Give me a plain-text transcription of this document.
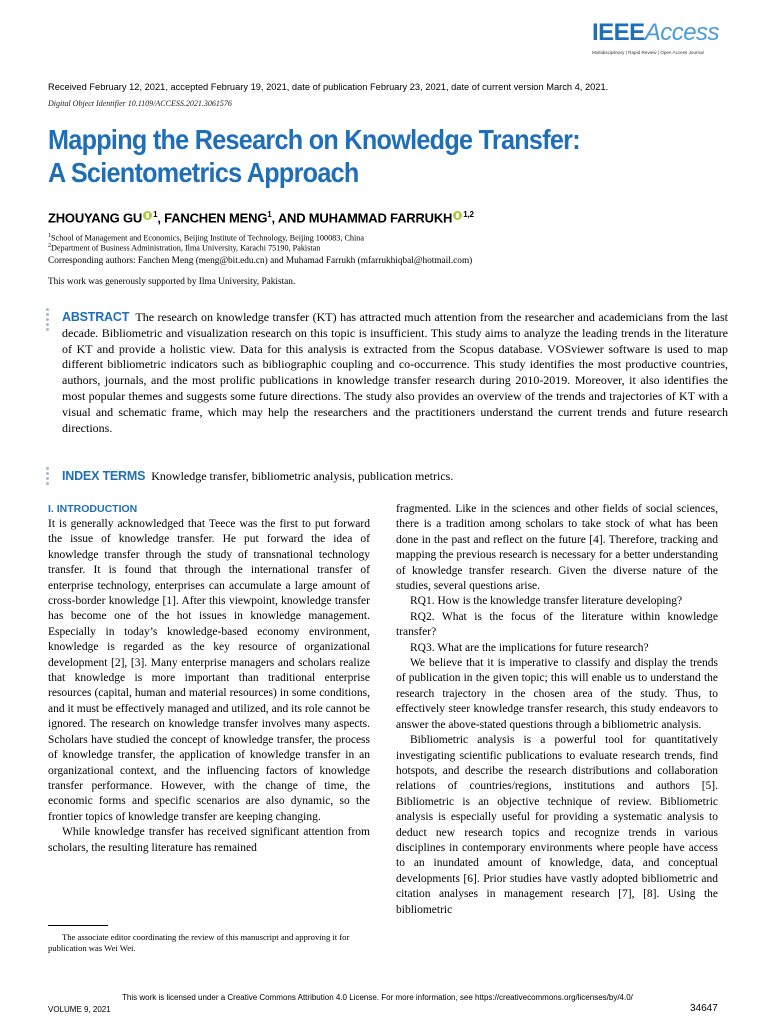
IEEEAccess
Multidisciplinary | Rapid Review | Open Access Journal
Received February 12, 2021, accepted February 19, 2021, date of publication February 23, 2021, date of current version March 4, 2021.
Digital Object Identifier 10.1109/ACCESS.2021.3061576
Mapping the Research on Knowledge Transfer:
A Scientometrics Approach
ZHOUYANG GU $^1$, FANCHEN MENG$^1$, AND MUHAMMAD FARRUKH $^{1,2}$
$^1$School of Management and Economics, Beijing Institute of Technology, Beijing 100083, China
$^2$Department of Business Administration, Ilma University, Karachi 75190, Pakistan
Corresponding authors: Fanchen Meng (meng@bit.edu.cn) and Muhamad Farrukh (mfarrukhiqbal@hotmail.com)
This work was generously supported by Ilma University, Pakistan.
ABSTRACT The research on knowledge transfer (KT) has attracted much attention from the researcher and academicians from the last decade. Bibliometric and visualization research on this topic is insufficient. This study aims to analyze the leading trends in the literature of KT and provide a holistic view. Data for this analysis is extracted from the Scopus database. VOSviewer software is used to map different bibliometric indicators such as bibliographic coupling and co-occurrence. This study identifies the most productive countries, authors, journals, and the most prolific publications in knowledge transfer research during 2010-2019. Moreover, it also identifies the most popular themes and suggests some future directions. The study also provides an overview of the trends and trajectories of KT with a visual and schematic frame, which may help the researchers and the practitioners understand the current trends and future research directions.
INDEX TERMS Knowledge transfer, bibliometric analysis, publication metrics.
I. INTRODUCTION

It is generally acknowledged that Teece was the first to put forward the issue of knowledge transfer. He put forward the idea of knowledge transfer through the study of transnational technology transfer. It is found that through the international transfer of enterprise technology, enterprises can accumulate a large amount of cross-border knowledge [1]. After this viewpoint, knowledge transfer has become one of the hot issues in knowledge management. Especially in today’s knowledge-based economy environment, knowledge is regarded as the key resource of organizational development [2], [3]. Many enterprise managers and scholars realize that knowledge is more important than traditional enterprise resources (capital, human and material resources) in some conditions, and it must be effectively managed and utilized, and its role cannot be ignored. The research on knowledge transfer involves many aspects. Scholars have studied the concept of knowledge transfer, the process of knowledge transfer, the application of knowledge transfer in an organizational context, and the influencing factors of knowledge transfer performance. However, with the change of time, the economic forms and specific scenarios are also dynamic, so the frontier topics of knowledge transfer are keeping changing.

While knowledge transfer has received significant attention from scholars, the resulting literature has remained

fragmented. Like in the sciences and other fields of social sciences, there is a tradition among scholars to take stock of what has been done in the past and reflect on the future [4]. Therefore, tracking and mapping the previous research is necessary for a better understanding of knowledge transfer research. Given the diverse nature of the studies, several questions arise.

RQ1. How is the knowledge transfer literature developing?

RQ2. What is the focus of the literature within knowledge transfer?

RQ3. What are the implications for future research?

We believe that it is imperative to classify and display the trends of publication in the given topic; this will enable us to understand the research trajectory in the chosen area of the study. Thus, to effectively steer knowledge transfer research, this study endeavors to answer the above-stated questions through a bibliometric analysis.

Bibliometric analysis is a powerful tool for quantitatively investigating scientific publications to evaluate research trends, find hotspots, and describe the research distributions and collaboration relations of countries/regions, institutions and authors [5]. Bibliometric is an objective technique of review. Bibliometric analysis is especially useful for providing a systematic analysis to deduct new research topics and recognize trends in various disciplines in contemporary environments where people have access to an inundated amount of knowledge, data, and conceptual developments [6]. Prior studies have vastly adopted bibliometric and citation analyses in management research [7], [8]. Using the bibliometric

The associate editor coordinating the review of this manuscript and approving it for publication was Wei Wei.

VOLUME 9, 2021
This work is licensed under a Creative Commons Attribution 4.0 License. For more information, see https://creativecommons.org/licenses/by/4.0/
34647
